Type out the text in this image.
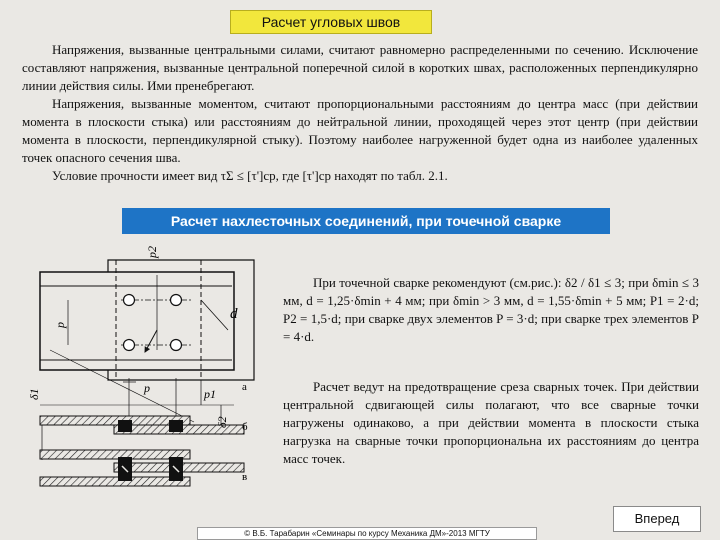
Расчет угловых швов

Напряжения, вызванные центральными силами, считают равномерно распределенными по сечению. Исключение составляют напряжения, вызванные центральной поперечной силой в коротких швах, расположенных перпендикулярно линии действия силы. Ими пренебрегают.

Напряжения, вызванные моментом, считают пропорциональными расстояниям до центра масс (при действии момента в плоскости стыка) или расстояниям до нейтральной линии, проходящей через этот центр (при действии момента в плоскости, перпендикулярной стыку). Поэтому наиболее нагруженной будет одна из наиболее удаленных точек опасного сечения шва.

Условие прочности имеет вид τΣ ≤ [τ']ср, где [τ']ср находят по табл. 2.1.

Расчет нахлесточных соединений, при точечной сварке
p2
p
d
p	p1
δ1
δ2
а
б
в

При точечной сварке рекомендуют (см.рис.): δ2 / δ1 ≤ 3; при δmin ≤ 3 мм, d = 1,25·δmin + 4 мм; при δmin > 3 мм, d = 1,55·δmin + 5 мм; P1 = 2·d; P2 = 1,5·d; при сварке двух элементов P = 3·d; при сварке трех элементов P = 4·d.

Расчет ведут на предотвращение среза сварных точек. При действии центральной сдвигающей силы полагают, что все сварные точки нагружены одинаково, а при действии момента в плоскости стыка нагрузка на сварные точки пропорциональна их расстояниям до центра масс точек.

Вперед
© В.Б. Тарабарин «Семинары по курсу Механика ДМ»-2013 МГТУ
